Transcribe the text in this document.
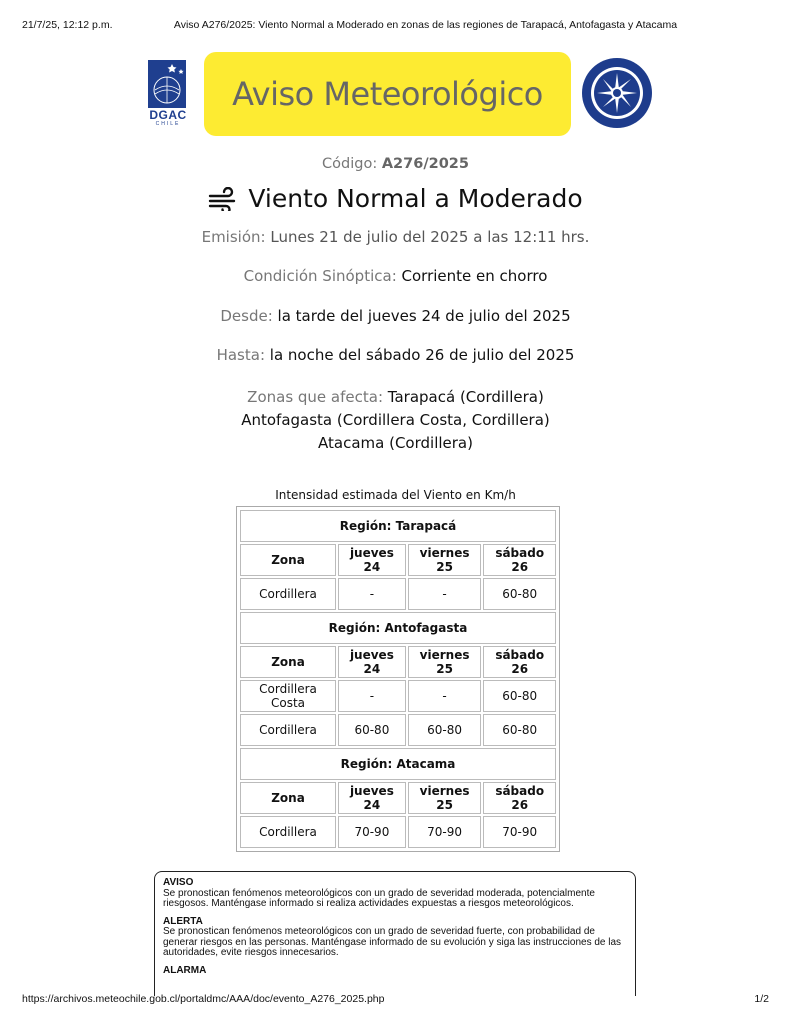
21/7/25, 12:12 p.m.	Aviso A276/2025: Viento Normal a Moderado en zonas de las regiones de Tarapacá, Antofagasta y Atacama
DGAC
CHILE
Aviso Meteorológico
Código: A276/2025
Viento Normal a Moderado
Emisión: Lunes 21 de julio del 2025 a las 12:11 hrs.
Condición Sinóptica: Corriente en chorro
Desde: la tarde del jueves 24 de julio del 2025
Hasta: la noche del sábado 26 de julio del 2025
Zonas que afecta: Tarapacá (Cordillera)
Antofagasta (Cordillera Costa, Cordillera)
Atacama (Cordillera)
Intensidad estimada del Viento en Km/h
Región: Tarapacá			
Zona	jueves 24	viernes 25	sábado 26
Cordillera	-	-	60-80
Región: Antofagasta			
Zona	jueves 24	viernes 25	sábado 26
Cordillera Costa	-	-	60-80
Cordillera	60-80	60-80	60-80
Región: Atacama			
Zona	jueves 24	viernes 25	sábado 26
Cordillera	70-90	70-90	70-90
AVISO
Se pronostican fenómenos meteorológicos con un grado de severidad moderada, potencialmente riesgosos. Manténgase informado si realiza actividades expuestas a riesgos meteorológicos.
ALERTA
Se pronostican fenómenos meteorológicos con un grado de severidad fuerte, con probabilidad de generar riesgos en las personas. Manténgase informado de su evolución y siga las instrucciones de las autoridades, evite riesgos innecesarios.
ALARMA
https://archivos.meteochile.gob.cl/portaldmc/AAA/doc/evento_A276_2025.php	1/2
